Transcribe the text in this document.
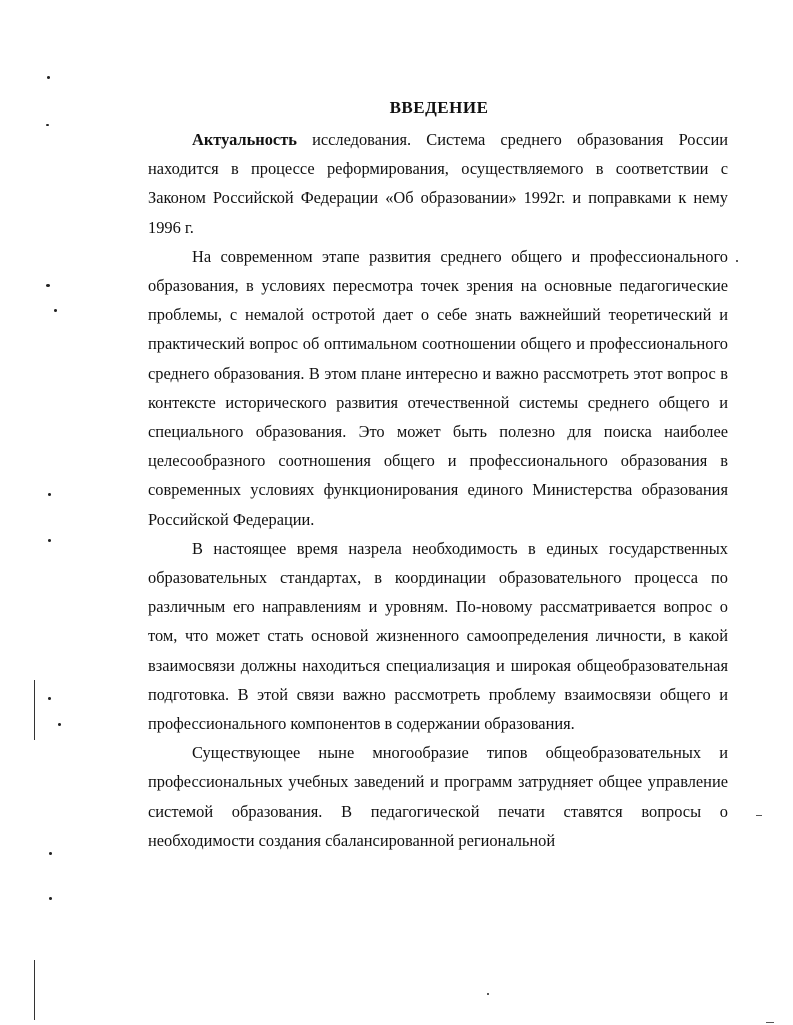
ВВЕДЕНИЕ

Актуальность исследования. Система среднего образования России находится в процессе реформирования, осуществляемого в соответствии с Законом Российской Федерации «Об образовании» 1992г. и поправками к нему 1996 г.

На современном этапе развития среднего общего и профессионального образования, в условиях пересмотра точек зрения на основные педагогические проблемы, с немалой остротой дает о себе знать важнейший теоретический и практический вопрос об оптимальном соотношении общего и профессионального среднего образования. В этом плане интересно и важно рассмотреть этот вопрос в контексте исторического развития отечественной системы среднего общего и специального образования. Это может быть полезно для поиска наиболее целесообразного соотношения общего и профессионального образования в современных условиях функционирования единого Министерства образования Российской Федерации.

В настоящее время назрела необходимость в единых государственных образовательных стандартах, в координации образовательного процесса по различным его направлениям и уровням. По-новому рассматривается вопрос о том, что может стать основой жизненного самоопределения личности, в какой взаимосвязи должны находиться специализация и широкая общеобразовательная подготовка. В этой связи важно рассмотреть проблему взаимосвязи общего и профессионального компонентов в содержании образования.

Существующее ныне многообразие типов общеобразовательных и профессиональных учебных заведений и программ затрудняет общее управление системой образования. В педагогической печати ставятся вопросы о необходимости создания сбалансированной региональной
